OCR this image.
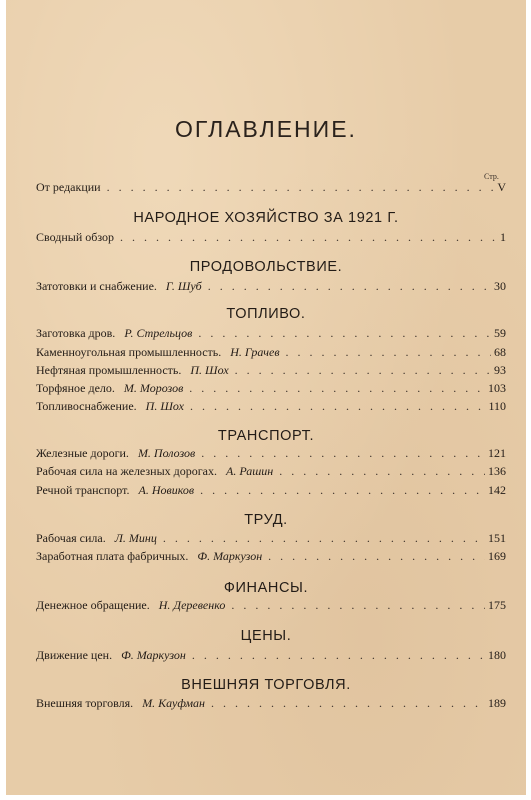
ОГЛАВЛЕНИЕ.
Стр.
От редакции . . .	V
НАРОДНОЕ ХОЗЯЙСТВО ЗА 1921 Г.
Сводный обзор . . .	1
ПРОДОВОЛЬСТВИЕ.
Затотовки и снабжение. Г. Шуб . . .	30
ТОПЛИВО.
Заготовка дров. Р. Стрельцов . . .	59
Каменноугольная промышленность. Н. Грачев . . .	68
Нефтяная промышленность. П. Шох . . .	93
Торфяное дело. М. Морозов . . .	103
Топливоснабжение. П. Шох . . .	110
ТРАНСПОРТ.
Железные дороги. М. Полозов . . .	121
Рабочая сила на железных дорогах. А. Рашин . . .	136
Речной транспорт. А. Новиков . . .	142
ТРУД.
Рабочая сила. Л. Минц . . .	151
Заработная плата фабричных. Ф. Маркузон . . .	169
ФИНАНСЫ.
Денежное обращение. Н. Деревенко . . .	175
ЦЕНЫ.
Движение цен. Ф. Маркузон . . .	180
ВНЕШНЯЯ ТОРГОВЛЯ.
Внешняя торговля. М. Кауфман . . .	189
